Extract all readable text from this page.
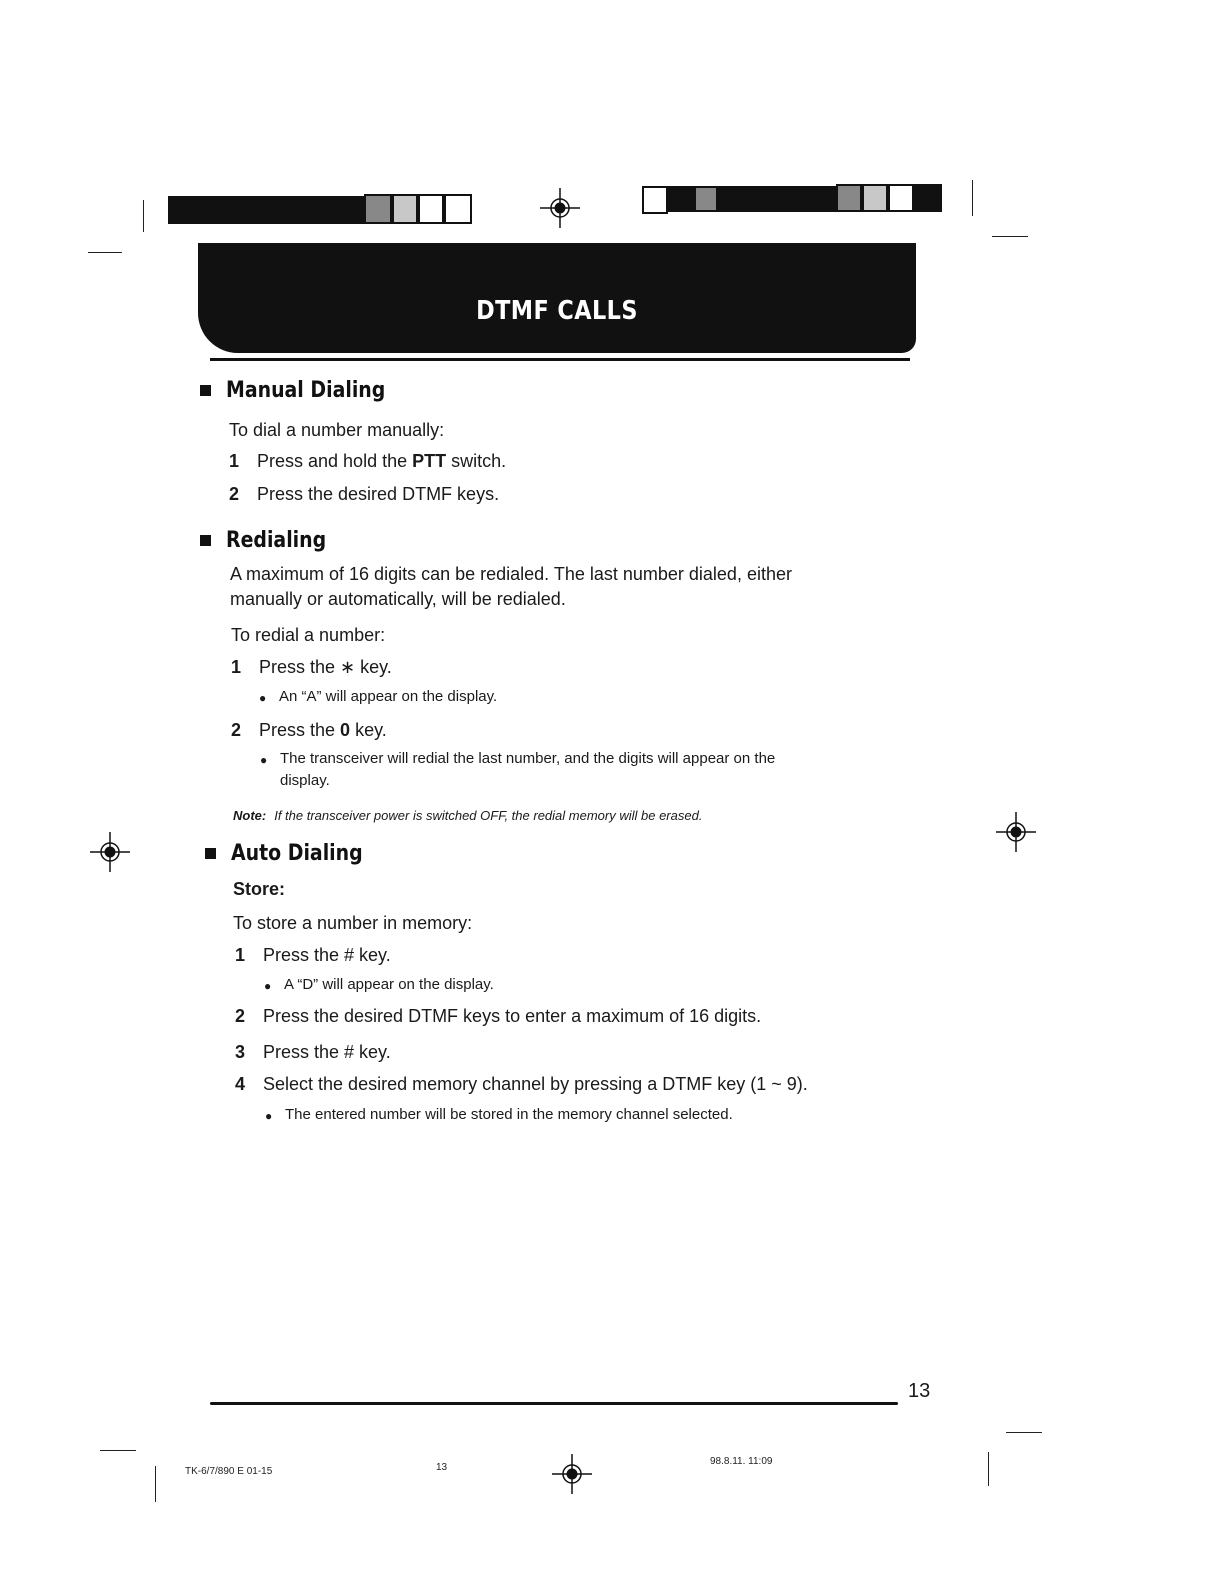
DTMF CALLS
Manual Dialing
To dial a number manually:
1 Press and hold the PTT switch.
2 Press the desired DTMF keys.
Redialing
A maximum of 16 digits can be redialed. The last number dialed, either
manually or automatically, will be redialed.
To redial a number:
1 Press the ∗ key.
● An “A” will appear on the display.
2 Press the 0 key.
● The transceiver will redial the last number, and the digits will appear on the
display.
Note: If the transceiver power is switched OFF, the redial memory will be erased.
Auto Dialing
Store:
To store a number in memory:
1 Press the # key.
● A “D” will appear on the display.
2 Press the desired DTMF keys to enter a maximum of 16 digits.
3 Press the # key.
4 Select the desired memory channel by pressing a DTMF key (1 ~ 9).
● The entered number will be stored in the memory channel selected.
13
TK-6/7/890 E 01-15	13
98.8.11. 11:09
